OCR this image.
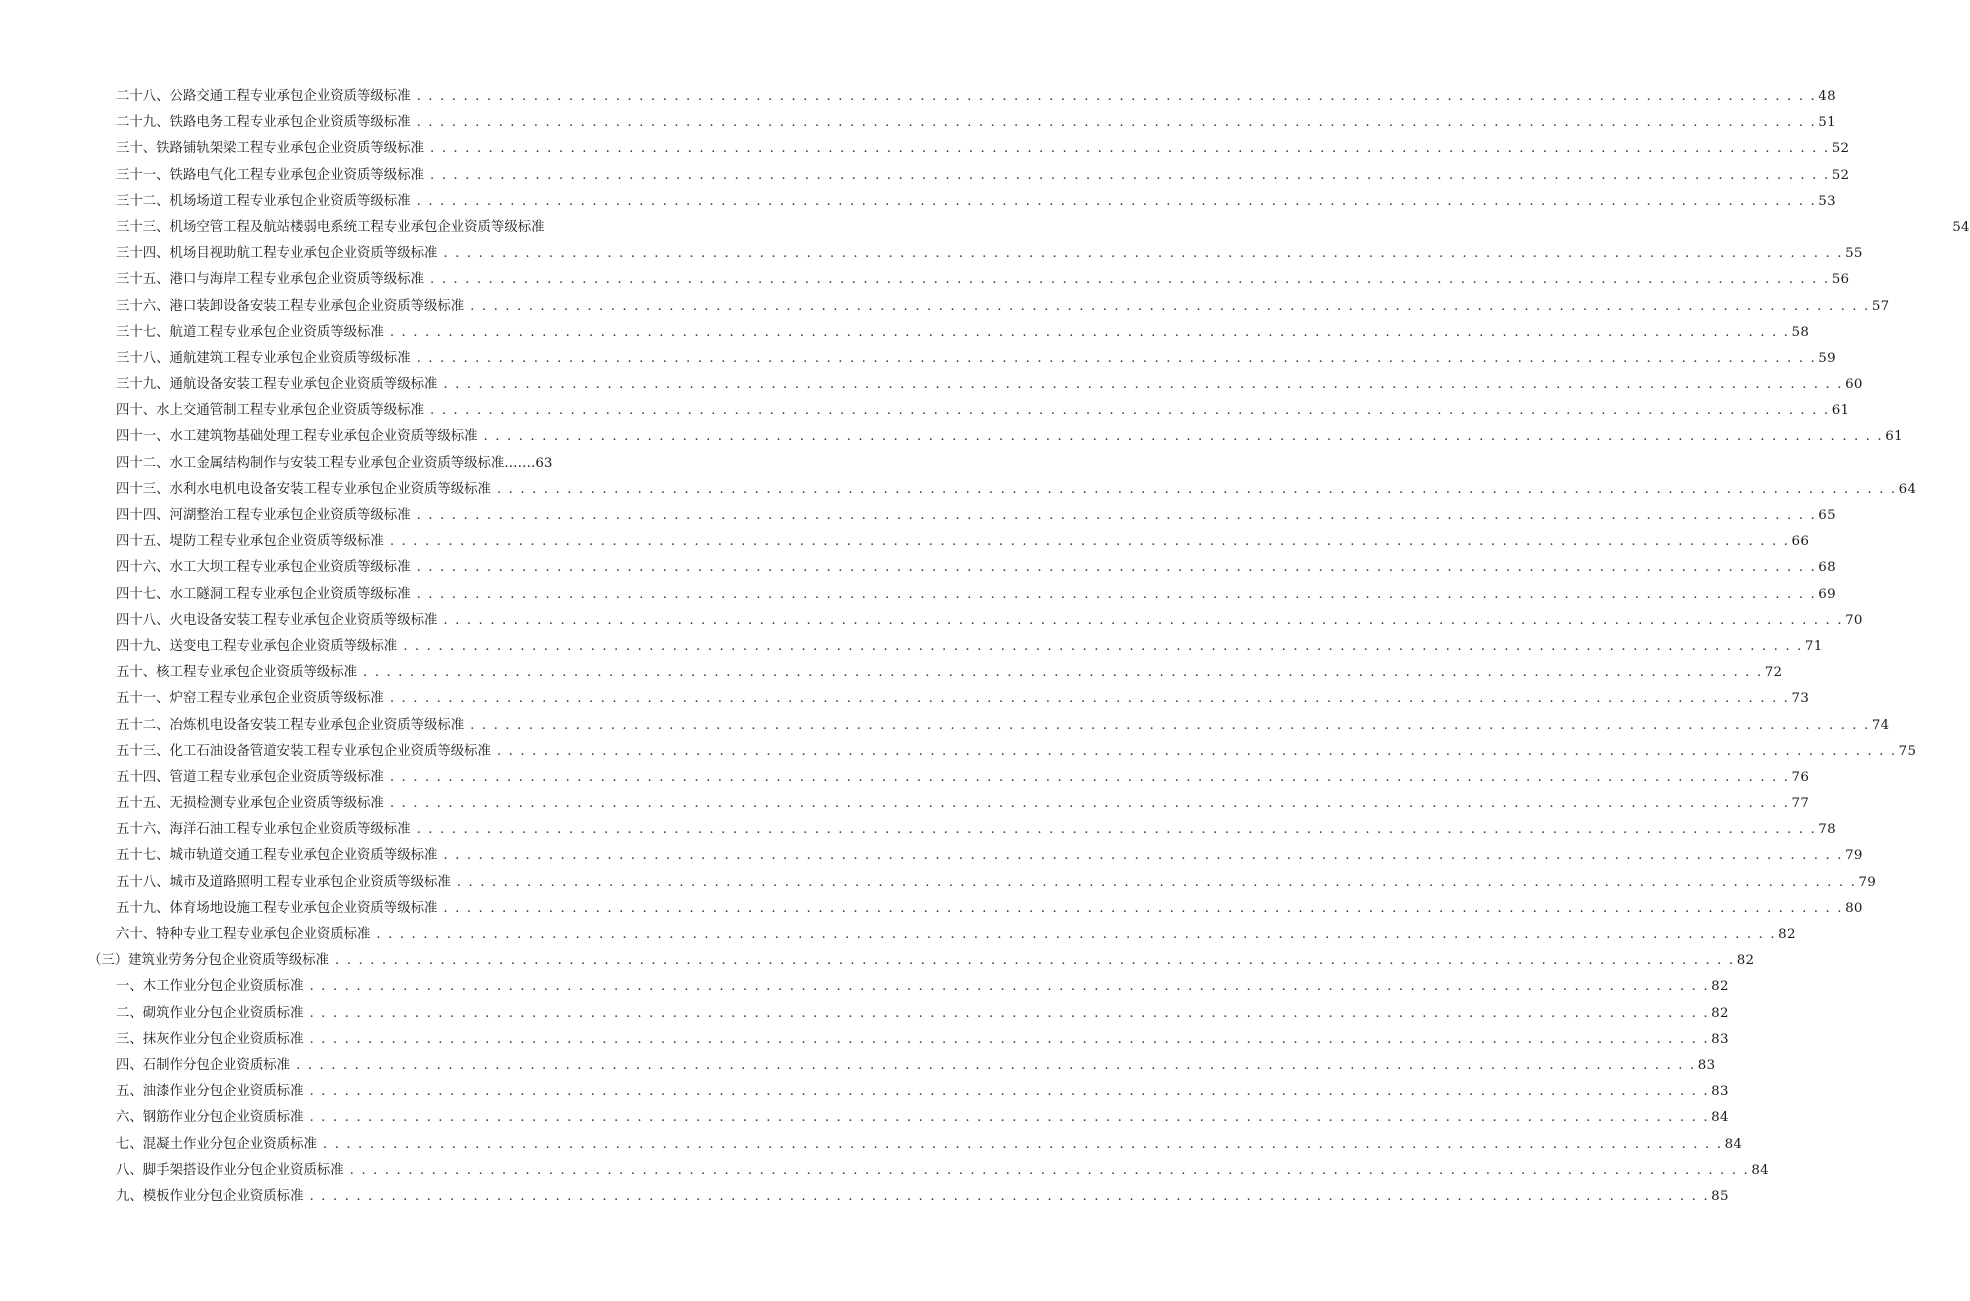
二十八、公路交通工程专业承包企业资质等级标准 . . . . . . . . . . . . . . . . . . . . . . . . . . . . . . . . . . . . . . . . . . . . . . . . . . . . . . . . . . . . . . . . . . . . . . . . . . . . . . . . . . . . . . . . . . . . . . . . . . . . . . . . . . . . . . . . . . . . . . . . 48
二十九、铁路电务工程专业承包企业资质等级标准 . . . . . . . . . . . . . . . . . . . . . . . . . . . . . . . . . . . . . . . . . . . . . . . . . . . . . . . . . . . . . . . . . . . . . . . . . . . . . . . . . . . . . . . . . . . . . . . . . . . . . . . . . . . . . . . . . . . . . . . . 51
三十、铁路铺轨架梁工程专业承包企业资质等级标准 . . . . . . . . . . . . . . . . . . . . . . . . . . . . . . . . . . . . . . . . . . . . . . . . . . . . . . . . . . . . . . . . . . . . . . . . . . . . . . . . . . . . . . . . . . . . . . . . . . . . . . . . . . . . . . . . . . . . . . . . 52
三十一、铁路电气化工程专业承包企业资质等级标准 . . . . . . . . . . . . . . . . . . . . . . . . . . . . . . . . . . . . . . . . . . . . . . . . . . . . . . . . . . . . . . . . . . . . . . . . . . . . . . . . . . . . . . . . . . . . . . . . . . . . . . . . . . . . . . . . . . . . . . . . 52
三十二、机场场道工程专业承包企业资质等级标准 . . . . . . . . . . . . . . . . . . . . . . . . . . . . . . . . . . . . . . . . . . . . . . . . . . . . . . . . . . . . . . . . . . . . . . . . . . . . . . . . . . . . . . . . . . . . . . . . . . . . . . . . . . . . . . . . . . . . . . . . 53
三十三、机场空管工程及航站楼弱电系统工程专业承包企业资质等级标准	54
三十四、机场目视助航工程专业承包企业资质等级标准 . . . . . . . . . . . . . . . . . . . . . . . . . . . . . . . . . . . . . . . . . . . . . . . . . . . . . . . . . . . . . . . . . . . . . . . . . . . . . . . . . . . . . . . . . . . . . . . . . . . . . . . . . . . . . . . . . . . . . . . . 55
三十五、港口与海岸工程专业承包企业资质等级标准 . . . . . . . . . . . . . . . . . . . . . . . . . . . . . . . . . . . . . . . . . . . . . . . . . . . . . . . . . . . . . . . . . . . . . . . . . . . . . . . . . . . . . . . . . . . . . . . . . . . . . . . . . . . . . . . . . . . . . . . . 56
三十六、港口装卸设备安装工程专业承包企业资质等级标准 . . . . . . . . . . . . . . . . . . . . . . . . . . . . . . . . . . . . . . . . . . . . . . . . . . . . . . . . . . . . . . . . . . . . . . . . . . . . . . . . . . . . . . . . . . . . . . . . . . . . . . . . . . . . . . . . . . . . . . . . 57
三十七、航道工程专业承包企业资质等级标准 . . . . . . . . . . . . . . . . . . . . . . . . . . . . . . . . . . . . . . . . . . . . . . . . . . . . . . . . . . . . . . . . . . . . . . . . . . . . . . . . . . . . . . . . . . . . . . . . . . . . . . . . . . . . . . . . . . . . . . . . 58
三十八、通航建筑工程专业承包企业资质等级标准 . . . . . . . . . . . . . . . . . . . . . . . . . . . . . . . . . . . . . . . . . . . . . . . . . . . . . . . . . . . . . . . . . . . . . . . . . . . . . . . . . . . . . . . . . . . . . . . . . . . . . . . . . . . . . . . . . . . . . . . . 59
三十九、通航设备安装工程专业承包企业资质等级标准 . . . . . . . . . . . . . . . . . . . . . . . . . . . . . . . . . . . . . . . . . . . . . . . . . . . . . . . . . . . . . . . . . . . . . . . . . . . . . . . . . . . . . . . . . . . . . . . . . . . . . . . . . . . . . . . . . . . . . . . . 60
四十、水上交通管制工程专业承包企业资质等级标准 . . . . . . . . . . . . . . . . . . . . . . . . . . . . . . . . . . . . . . . . . . . . . . . . . . . . . . . . . . . . . . . . . . . . . . . . . . . . . . . . . . . . . . . . . . . . . . . . . . . . . . . . . . . . . . . . . . . . . . . . 61
四十一、水工建筑物基础处理工程专业承包企业资质等级标准 . . . . . . . . . . . . . . . . . . . . . . . . . . . . . . . . . . . . . . . . . . . . . . . . . . . . . . . . . . . . . . . . . . . . . . . . . . . . . . . . . . . . . . . . . . . . . . . . . . . . . . . . . . . . . . . . . . . . . . . . 61
四十二、水工金属结构制作与安装工程专业承包企业资质等级标准.……63
四十三、水利水电机电设备安装工程专业承包企业资质等级标准 . . . . . . . . . . . . . . . . . . . . . . . . . . . . . . . . . . . . . . . . . . . . . . . . . . . . . . . . . . . . . . . . . . . . . . . . . . . . . . . . . . . . . . . . . . . . . . . . . . . . . . . . . . . . . . . . . . . . . . . . 64
四十四、河湖整治工程专业承包企业资质等级标准 . . . . . . . . . . . . . . . . . . . . . . . . . . . . . . . . . . . . . . . . . . . . . . . . . . . . . . . . . . . . . . . . . . . . . . . . . . . . . . . . . . . . . . . . . . . . . . . . . . . . . . . . . . . . . . . . . . . . . . . . 65
四十五、堤防工程专业承包企业资质等级标准 . . . . . . . . . . . . . . . . . . . . . . . . . . . . . . . . . . . . . . . . . . . . . . . . . . . . . . . . . . . . . . . . . . . . . . . . . . . . . . . . . . . . . . . . . . . . . . . . . . . . . . . . . . . . . . . . . . . . . . . . 66
四十六、水工大坝工程专业承包企业资质等级标准 . . . . . . . . . . . . . . . . . . . . . . . . . . . . . . . . . . . . . . . . . . . . . . . . . . . . . . . . . . . . . . . . . . . . . . . . . . . . . . . . . . . . . . . . . . . . . . . . . . . . . . . . . . . . . . . . . . . . . . . . 68
四十七、水工隧洞工程专业承包企业资质等级标准 . . . . . . . . . . . . . . . . . . . . . . . . . . . . . . . . . . . . . . . . . . . . . . . . . . . . . . . . . . . . . . . . . . . . . . . . . . . . . . . . . . . . . . . . . . . . . . . . . . . . . . . . . . . . . . . . . . . . . . . . 69
四十八、火电设备安装工程专业承包企业资质等级标准 . . . . . . . . . . . . . . . . . . . . . . . . . . . . . . . . . . . . . . . . . . . . . . . . . . . . . . . . . . . . . . . . . . . . . . . . . . . . . . . . . . . . . . . . . . . . . . . . . . . . . . . . . . . . . . . . . . . . . . . . 70
四十九、送变电工程专业承包企业资质等级标准 . . . . . . . . . . . . . . . . . . . . . . . . . . . . . . . . . . . . . . . . . . . . . . . . . . . . . . . . . . . . . . . . . . . . . . . . . . . . . . . . . . . . . . . . . . . . . . . . . . . . . . . . . . . . . . . . . . . . . . . . 71
五十、核工程专业承包企业资质等级标准 . . . . . . . . . . . . . . . . . . . . . . . . . . . . . . . . . . . . . . . . . . . . . . . . . . . . . . . . . . . . . . . . . . . . . . . . . . . . . . . . . . . . . . . . . . . . . . . . . . . . . . . . . . . . . . . . . . . . . . . . 72
五十一、炉窑工程专业承包企业资质等级标准 . . . . . . . . . . . . . . . . . . . . . . . . . . . . . . . . . . . . . . . . . . . . . . . . . . . . . . . . . . . . . . . . . . . . . . . . . . . . . . . . . . . . . . . . . . . . . . . . . . . . . . . . . . . . . . . . . . . . . . . . 73
五十二、冶炼机电设备安装工程专业承包企业资质等级标准 . . . . . . . . . . . . . . . . . . . . . . . . . . . . . . . . . . . . . . . . . . . . . . . . . . . . . . . . . . . . . . . . . . . . . . . . . . . . . . . . . . . . . . . . . . . . . . . . . . . . . . . . . . . . . . . . . . . . . . . . 74
五十三、化工石油设备管道安装工程专业承包企业资质等级标准 . . . . . . . . . . . . . . . . . . . . . . . . . . . . . . . . . . . . . . . . . . . . . . . . . . . . . . . . . . . . . . . . . . . . . . . . . . . . . . . . . . . . . . . . . . . . . . . . . . . . . . . . . . . . . . . . . . . . . . . . 75
五十四、管道工程专业承包企业资质等级标准 . . . . . . . . . . . . . . . . . . . . . . . . . . . . . . . . . . . . . . . . . . . . . . . . . . . . . . . . . . . . . . . . . . . . . . . . . . . . . . . . . . . . . . . . . . . . . . . . . . . . . . . . . . . . . . . . . . . . . . . . 76
五十五、无损检测专业承包企业资质等级标准 . . . . . . . . . . . . . . . . . . . . . . . . . . . . . . . . . . . . . . . . . . . . . . . . . . . . . . . . . . . . . . . . . . . . . . . . . . . . . . . . . . . . . . . . . . . . . . . . . . . . . . . . . . . . . . . . . . . . . . . . 77
五十六、海洋石油工程专业承包企业资质等级标准 . . . . . . . . . . . . . . . . . . . . . . . . . . . . . . . . . . . . . . . . . . . . . . . . . . . . . . . . . . . . . . . . . . . . . . . . . . . . . . . . . . . . . . . . . . . . . . . . . . . . . . . . . . . . . . . . . . . . . . . . 78
五十七、城市轨道交通工程专业承包企业资质等级标准 . . . . . . . . . . . . . . . . . . . . . . . . . . . . . . . . . . . . . . . . . . . . . . . . . . . . . . . . . . . . . . . . . . . . . . . . . . . . . . . . . . . . . . . . . . . . . . . . . . . . . . . . . . . . . . . . . . . . . . . . 79
五十八、城市及道路照明工程专业承包企业资质等级标准 . . . . . . . . . . . . . . . . . . . . . . . . . . . . . . . . . . . . . . . . . . . . . . . . . . . . . . . . . . . . . . . . . . . . . . . . . . . . . . . . . . . . . . . . . . . . . . . . . . . . . . . . . . . . . . . . . . . . . . . . 79
五十九、体育场地设施工程专业承包企业资质等级标准 . . . . . . . . . . . . . . . . . . . . . . . . . . . . . . . . . . . . . . . . . . . . . . . . . . . . . . . . . . . . . . . . . . . . . . . . . . . . . . . . . . . . . . . . . . . . . . . . . . . . . . . . . . . . . . . . . . . . . . . . 80
六十、特种专业工程专业承包企业资质标准 . . . . . . . . . . . . . . . . . . . . . . . . . . . . . . . . . . . . . . . . . . . . . . . . . . . . . . . . . . . . . . . . . . . . . . . . . . . . . . . . . . . . . . . . . . . . . . . . . . . . . . . . . . . . . . . . . . . . . . . . 82
（三）建筑业劳务分包企业资质等级标准 . . . . . . . . . . . . . . . . . . . . . . . . . . . . . . . . . . . . . . . . . . . . . . . . . . . . . . . . . . . . . . . . . . . . . . . . . . . . . . . . . . . . . . . . . . . . . . . . . . . . . . . . . . . . . . . . . . . . . . . . 82
一、木工作业分包企业资质标准 . . . . . . . . . . . . . . . . . . . . . . . . . . . . . . . . . . . . . . . . . . . . . . . . . . . . . . . . . . . . . . . . . . . . . . . . . . . . . . . . . . . . . . . . . . . . . . . . . . . . . . . . . . . . . . . . . . . . . . . . 82
二、砌筑作业分包企业资质标准 . . . . . . . . . . . . . . . . . . . . . . . . . . . . . . . . . . . . . . . . . . . . . . . . . . . . . . . . . . . . . . . . . . . . . . . . . . . . . . . . . . . . . . . . . . . . . . . . . . . . . . . . . . . . . . . . . . . . . . . . 82
三、抹灰作业分包企业资质标准 . . . . . . . . . . . . . . . . . . . . . . . . . . . . . . . . . . . . . . . . . . . . . . . . . . . . . . . . . . . . . . . . . . . . . . . . . . . . . . . . . . . . . . . . . . . . . . . . . . . . . . . . . . . . . . . . . . . . . . . . 83
四、石制作分包企业资质标准 . . . . . . . . . . . . . . . . . . . . . . . . . . . . . . . . . . . . . . . . . . . . . . . . . . . . . . . . . . . . . . . . . . . . . . . . . . . . . . . . . . . . . . . . . . . . . . . . . . . . . . . . . . . . . . . . . . . . . . . . 83
五、油漆作业分包企业资质标准 . . . . . . . . . . . . . . . . . . . . . . . . . . . . . . . . . . . . . . . . . . . . . . . . . . . . . . . . . . . . . . . . . . . . . . . . . . . . . . . . . . . . . . . . . . . . . . . . . . . . . . . . . . . . . . . . . . . . . . . . 83
六、钢筋作业分包企业资质标准 . . . . . . . . . . . . . . . . . . . . . . . . . . . . . . . . . . . . . . . . . . . . . . . . . . . . . . . . . . . . . . . . . . . . . . . . . . . . . . . . . . . . . . . . . . . . . . . . . . . . . . . . . . . . . . . . . . . . . . . . 84
七、混凝土作业分包企业资质标准 . . . . . . . . . . . . . . . . . . . . . . . . . . . . . . . . . . . . . . . . . . . . . . . . . . . . . . . . . . . . . . . . . . . . . . . . . . . . . . . . . . . . . . . . . . . . . . . . . . . . . . . . . . . . . . . . . . . . . . . . 84
八、脚手架搭设作业分包企业资质标准 . . . . . . . . . . . . . . . . . . . . . . . . . . . . . . . . . . . . . . . . . . . . . . . . . . . . . . . . . . . . . . . . . . . . . . . . . . . . . . . . . . . . . . . . . . . . . . . . . . . . . . . . . . . . . . . . . . . . . . . . 84
九、模板作业分包企业资质标准 . . . . . . . . . . . . . . . . . . . . . . . . . . . . . . . . . . . . . . . . . . . . . . . . . . . . . . . . . . . . . . . . . . . . . . . . . . . . . . . . . . . . . . . . . . . . . . . . . . . . . . . . . . . . . . . . . . . . . . . . 85
